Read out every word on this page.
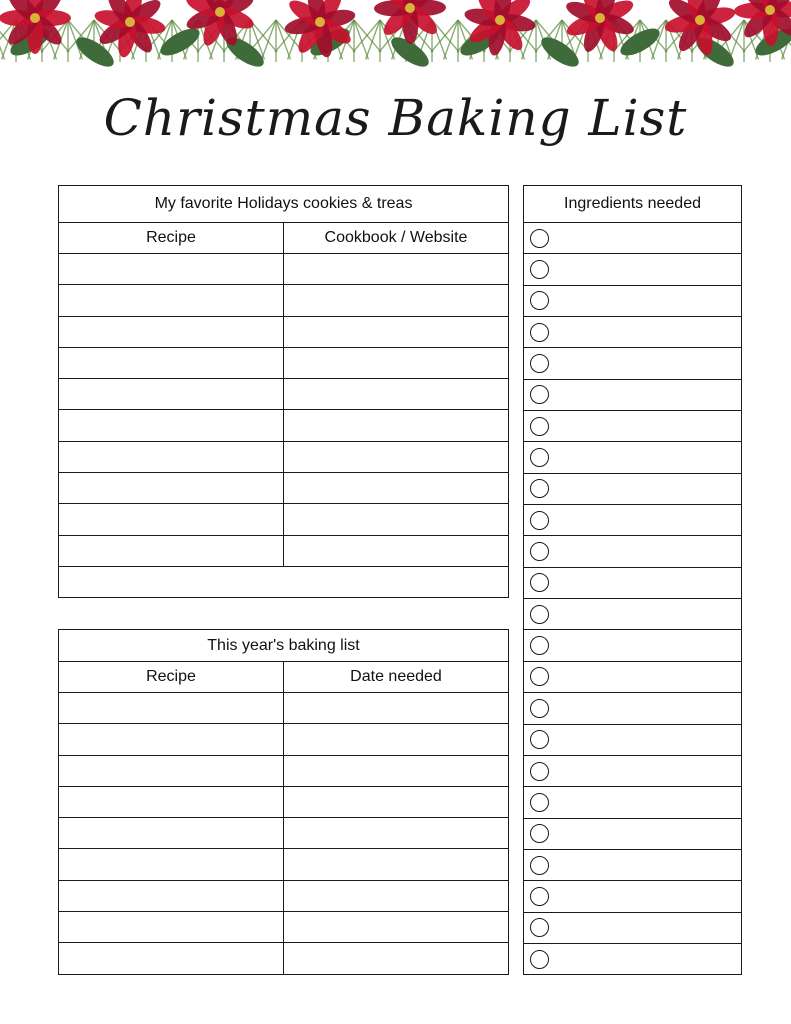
Christmas Baking List
My favorite Holidays cookies & treas	
Recipe	Cookbook / Website

This year's baking list	
Recipe	Date needed

Ingredients needed
